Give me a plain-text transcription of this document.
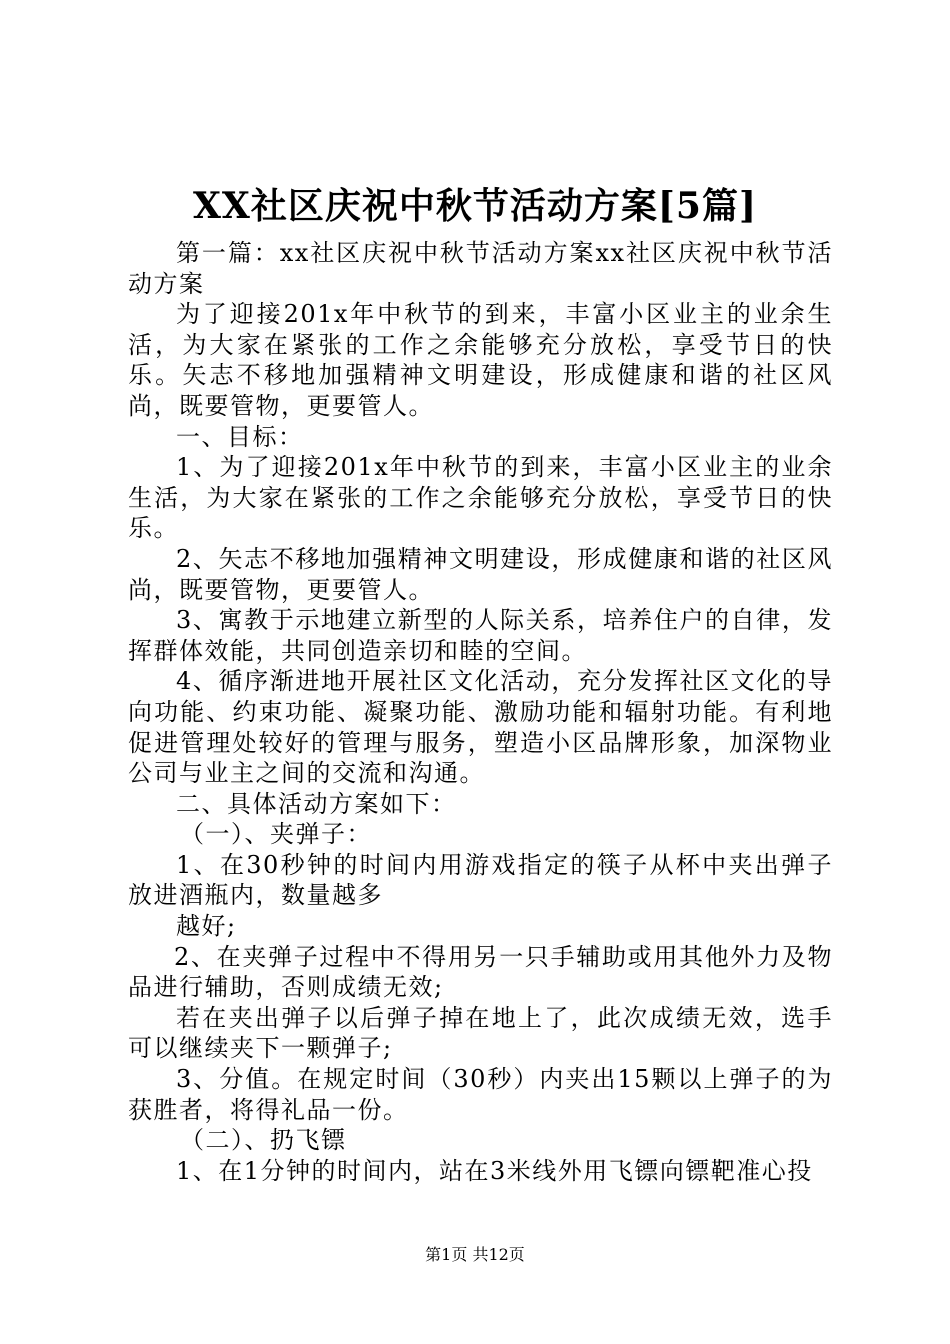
XX社区庆祝中秋节活动方案[5篇]

第一篇：xx社区庆祝中秋节活动方案xx社区庆祝中秋节活动方案

为了迎接201x年中秋节的到来，丰富小区业主的业余生活，为大家在紧张的工作之余能够充分放松，享受节日的快乐。矢志不移地加强精神文明建设，形成健康和谐的社区风尚，既要管物，更要管人。

一、目标：

1、为了迎接201x年中秋节的到来，丰富小区业主的业余生活，为大家在紧张的工作之余能够充分放松，享受节日的快乐。

2、矢志不移地加强精神文明建设，形成健康和谐的社区风尚，既要管物，更要管人。

3、寓教于示地建立新型的人际关系，培养住户的自律，发挥群体效能，共同创造亲切和睦的空间。

4、循序渐进地开展社区文化活动，充分发挥社区文化的导向功能、约束功能、凝聚功能、激励功能和辐射功能。有利地促进管理处较好的管理与服务，塑造小区品牌形象，加深物业公司与业主之间的交流和沟通。

二、具体活动方案如下：

（一）、夹弹子：

1、在30秒钟的时间内用游戏指定的筷子从杯中夹出弹子放进酒瓶内，数量越多

越好;

2、在夹弹子过程中不得用另一只手辅助或用其他外力及物品进行辅助，否则成绩无效;

若在夹出弹子以后弹子掉在地上了，此次成绩无效，选手可以继续夹下一颗弹子;

3、分值。在规定时间（30秒）内夹出15颗以上弹子的为获胜者，将得礼品一份。

（二）、扔飞镖

1、在1分钟的时间内，站在3米线外用飞镖向镖靶准心投

第1页 共12页
